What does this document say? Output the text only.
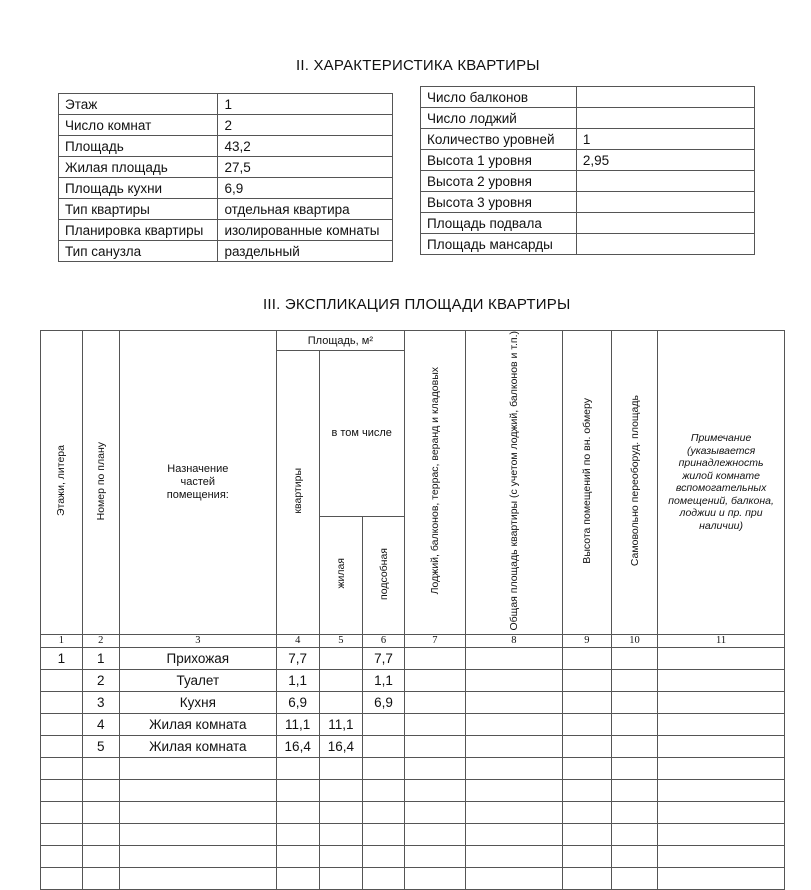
II. ХАРАКТЕРИСТИКА КВАРТИРЫ
Этаж	1
Число комнат	2
Площадь	43,2
Жилая площадь	27,5
Площадь кухни	6,9
Тип квартиры	отдельная квартира
Планировка квартиры	изолированные комнаты
Тип санузла	раздельный
Число балконов	
Число лоджий	
Количество уровней	1
Высота 1 уровня	2,95
Высота 2 уровня	
Высота 3 уровня	
Площадь подвала	
Площадь мансарды	
III. ЭКСПЛИКАЦИЯ ПЛОЩАДИ КВАРТИРЫ
Этажи, литера	Номер по плану	Назначение частей помещения:	Площадь, м²			Лоджий, балконов, террас, веранд и кладовых	Общая площадь квартиры (с учетом лоджий, балконов и т.п.)	Высота помещений по вн. обмеру	Самовольно переоборуд. площадь	Примечание (указывается принадлежность жилой комнате вспомогательных помещений, балкона, лоджии и пр. при наличии)
			квартиры	в том числе						
				жилая	подсобная					
1	2	3	4	5	6	7	8	9	10	11
1	1	Прихожая	7,7		7,7					
	2	Туалет	1,1		1,1					
	3	Кухня	6,9		6,9					
	4	Жилая комната	11,1	11,1						
	5	Жилая комната	16,4	16,4						
